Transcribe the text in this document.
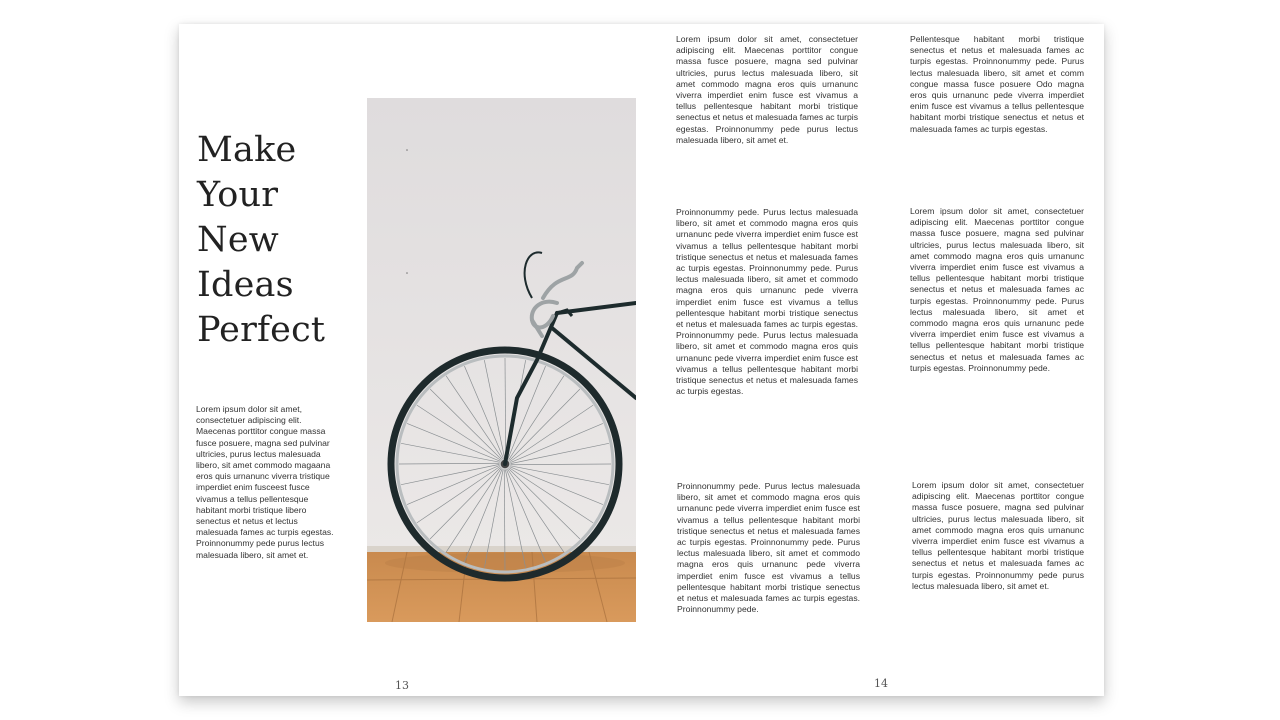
Make
Your
New
Ideas
Perfect

Lorem ipsum dolor sit amet, consectetuer adipiscing elit. Maecenas porttitor congue massa fusce posuere, magna sed pulvinar ultricies, purus lectus malesuada libero, sit amet commodo magaana eros quis urnanunc viverra tristique imperdiet enim fusceest fusce vivamus a tellus pellentesque habitant morbi tristique libero senectus et netus et lectus malesuada fames ac turpis egestas. Proinnonummy pede purus lectus malesuada libero, sit amet et.

Lorem ipsum dolor sit amet, consectetuer adipiscing elit. Maecenas porttitor congue massa fusce posuere, magna sed pulvinar ultricies, purus lectus malesuada libero, sit amet commodo magna eros quis urnanunc viverra imperdiet enim fusce est vivamus a tellus pellentesque habitant morbi tristique senectus et netus et malesuada fames ac turpis egestas. Proinnonummy pede purus lectus malesuada libero, sit amet et.

Proinnonummy pede. Purus lectus malesuada libero, sit amet et commodo magna eros quis urnanunc pede viverra imperdiet enim fusce est vivamus a tellus pellentesque habitant morbi tristique senectus et netus et malesuada fames ac turpis egestas. Proinnonummy pede. Purus lectus malesuada libero, sit amet et commodo magna eros quis urnanunc pede viverra imperdiet enim fusce est vivamus a tellus pellentesque habitant morbi tristique senectus et netus et malesuada fames ac turpis egestas. Proinnonummy pede. Purus lectus malesuada libero, sit amet et commodo magna eros quis urnanunc pede viverra imperdiet enim fusce est vivamus a tellus pellentesque habitant morbi tristique senectus et netus et malesuada fames ac turpis egestas.

Proinnonummy pede. Purus lectus malesuada libero, sit amet et commodo magna eros quis urnanunc pede viverra imperdiet enim fusce est vivamus a tellus pellentesque habitant morbi tristique senectus et netus et malesuada fames ac turpis egestas. Proinnonummy pede. Purus lectus malesuada libero, sit amet et commodo magna eros quis urnanunc pede viverra imperdiet enim fusce est vivamus a tellus pellentesque habitant morbi tristique senectus et netus et malesuada fames ac turpis egestas. Proinnonummy pede.

Pellentesque habitant morbi tristique senectus et netus et malesuada fames ac turpis egestas. Proinnonummy pede. Purus lectus malesuada libero, sit amet et comm congue massa fusce posuere Odo magna eros quis urnanunc pede viverra imperdiet enim fusce est vivamus a tellus pellentesque habitant morbi tristique senectus et netus et malesuada fames ac turpis egestas.

Lorem ipsum dolor sit amet, consectetuer adipiscing elit. Maecenas porttitor congue massa fusce posuere, magna sed pulvinar ultricies, purus lectus malesuada libero, sit amet commodo magna eros quis urnanunc viverra imperdiet enim fusce est vivamus a tellus pellentesque habitant morbi tristique senectus et netus et malesuada fames ac turpis egestas. Proinnonummy pede. Purus lectus malesuada libero, sit amet et commodo magna eros quis urnanunc pede viverra imperdiet enim fusce est vivamus a tellus pellentesque habitant morbi tristique senectus et netus et malesuada fames ac turpis egestas. Proinnonummy pede.

Lorem ipsum dolor sit amet, consectetuer adipiscing elit. Maecenas porttitor congue massa fusce posuere, magna sed pulvinar ultricies, purus lectus malesuada libero, sit amet commodo magna eros quis urnanunc viverra imperdiet enim fusce est vivamus a tellus pellentesque habitant morbi tristique senectus et netus et malesuada fames ac turpis egestas. Proinnonummy pede purus lectus malesuada libero, sit amet et.

13	14
